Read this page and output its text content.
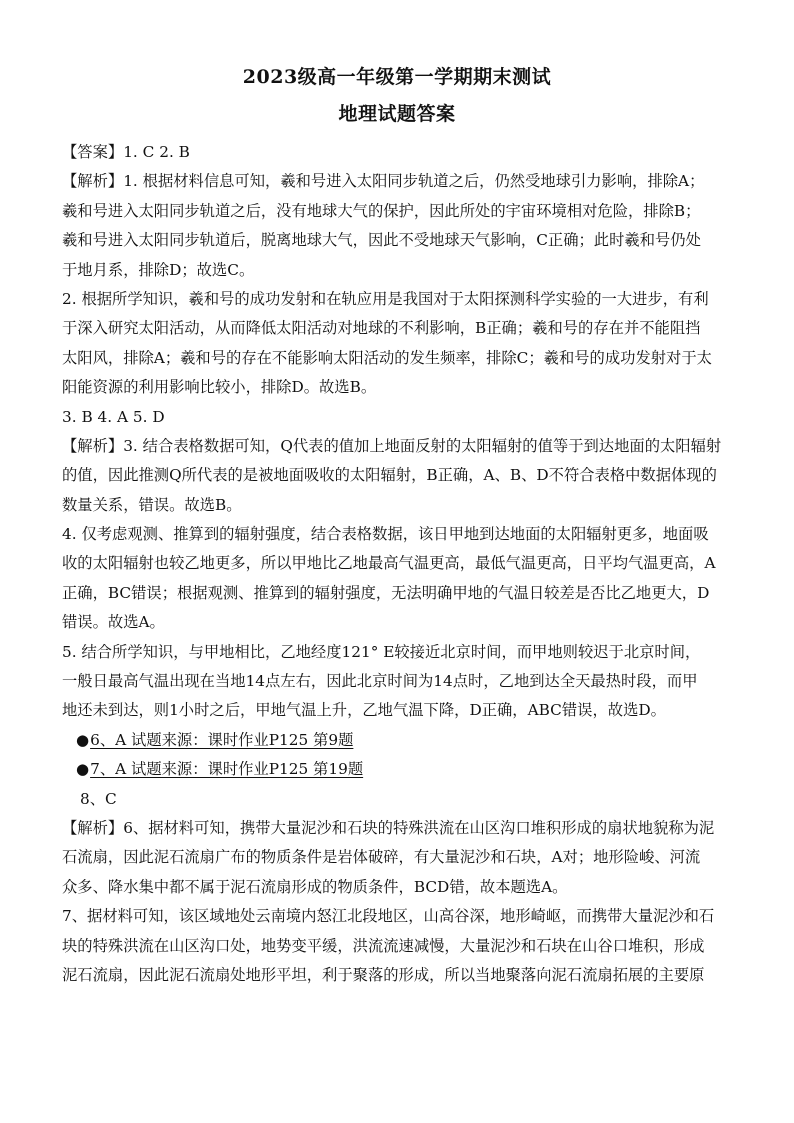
2023级高一年级第一学期期末测试
地理试题答案
【答案】1. C 2. B
【解析】1. 根据材料信息可知，羲和号进入太阳同步轨道之后，仍然受地球引力影响，排除A；
羲和号进入太阳同步轨道之后，没有地球大气的保护，因此所处的宇宙环境相对危险，排除B；
羲和号进入太阳同步轨道后，脱离地球大气，因此不受地球天气影响，C正确；此时羲和号仍处
于地月系，排除D；故选C。
2. 根据所学知识，羲和号的成功发射和在轨应用是我国对于太阳探测科学实验的一大进步，有利
于深入研究太阳活动，从而降低太阳活动对地球的不利影响，B正确；羲和号的存在并不能阻挡
太阳风，排除A；羲和号的存在不能影响太阳活动的发生频率，排除C；羲和号的成功发射对于太
阳能资源的利用影响比较小，排除D。故选B。
3. B 4. A 5. D
【解析】3. 结合表格数据可知，Q代表的值加上地面反射的太阳辐射的值等于到达地面的太阳辐射
的值，因此推测Q所代表的是被地面吸收的太阳辐射，B正确，A、B、D不符合表格中数据体现的
数量关系，错误。故选B。
4. 仅考虑观测、推算到的辐射强度，结合表格数据，该日甲地到达地面的太阳辐射更多，地面吸
收的太阳辐射也较乙地更多，所以甲地比乙地最高气温更高，最低气温更高，日平均气温更高，A
正确，BC错误；根据观测、推算到的辐射强度，无法明确甲地的气温日较差是否比乙地更大，D
错误。故选A。
5. 结合所学知识，与甲地相比，乙地经度121° E较接近北京时间，而甲地则较迟于北京时间，
一般日最高气温出现在当地14点左右，因此北京时间为14点时，乙地到达全天最热时段，而甲
地还未到达，则1小时之后，甲地气温上升，乙地气温下降，D正确，ABC错误，故选D。
●6、A 试题来源：课时作业P125 第9题
●7、A 试题来源：课时作业P125 第19题
8、C
【解析】6、据材料可知，携带大量泥沙和石块的特殊洪流在山区沟口堆积形成的扇状地貌称为泥
石流扇，因此泥石流扇广布的物质条件是岩体破碎，有大量泥沙和石块，A对；地形险峻、河流
众多、降水集中都不属于泥石流扇形成的物质条件，BCD错，故本题选A。
7、据材料可知，该区域地处云南境内怒江北段地区，山高谷深，地形崎岖，而携带大量泥沙和石
块的特殊洪流在山区沟口处，地势变平缓，洪流流速减慢，大量泥沙和石块在山谷口堆积，形成
泥石流扇，因此泥石流扇处地形平坦，利于聚落的形成，所以当地聚落向泥石流扇拓展的主要原
